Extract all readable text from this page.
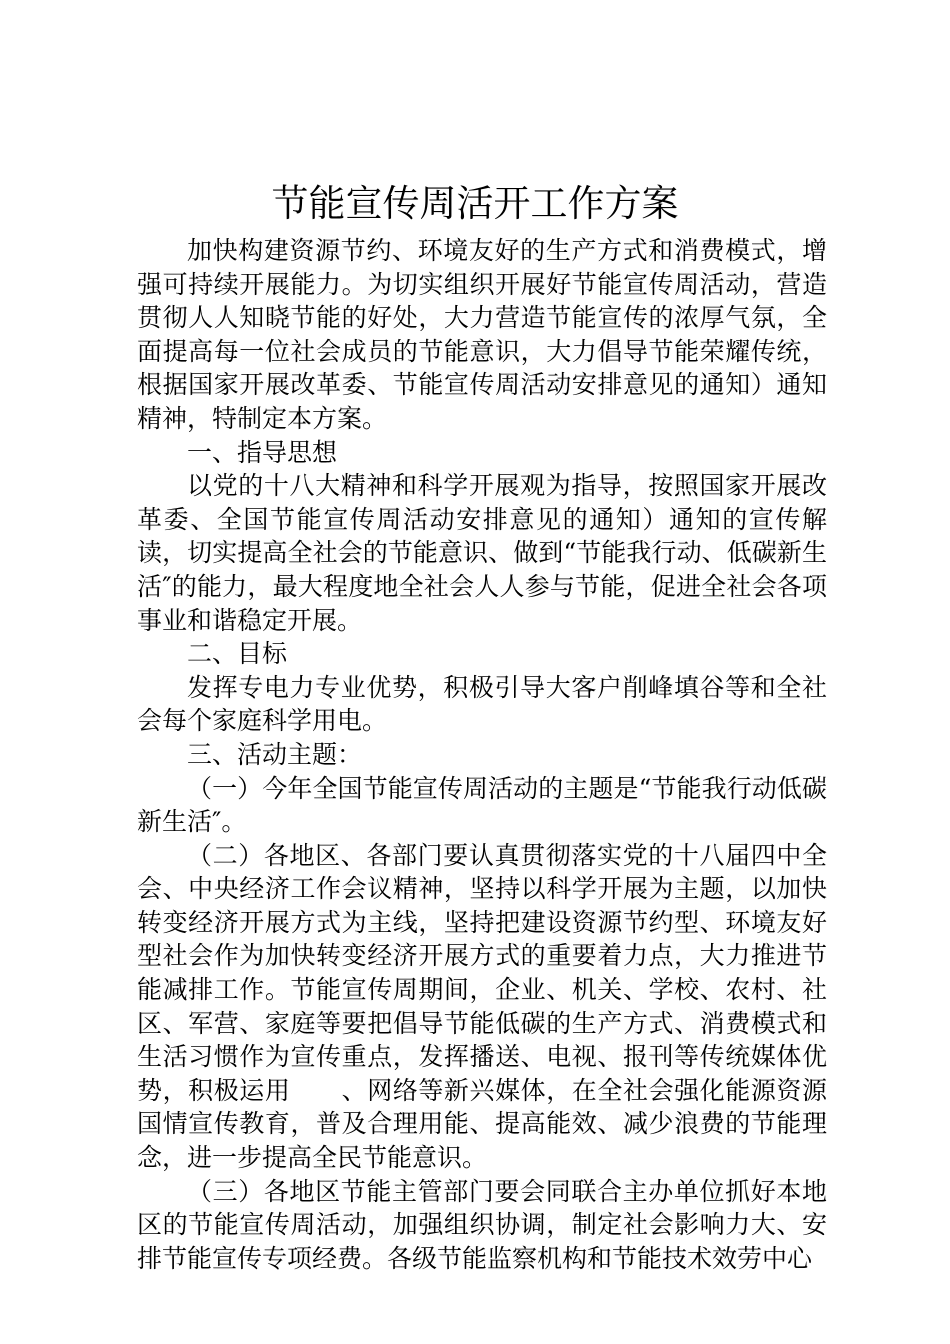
节能宣传周活开工作方案

加快构建资源节约、环境友好的生产方式和消费模式，增强可持续开展能力。为切实组织开展好节能宣传周活动，营造贯彻人人知晓节能的好处，大力营造节能宣传的浓厚气氛，全面提高每一位社会成员的节能意识，大力倡导节能荣耀传统，根据国家开展改革委、节能宣传周活动安排意见的通知）通知精神，特制定本方案。

一、指导思想

以党的十八大精神和科学开展观为指导，按照国家开展改革委、全国节能宣传周活动安排意见的通知）通知的宣传解读，切实提高全社会的节能意识、做到“节能我行动、低碳新生活″的能力，最大程度地全社会人人参与节能，促进全社会各项事业和谐稳定开展。

二、目标

发挥专电力专业优势，积极引导大客户削峰填谷等和全社会每个家庭科学用电。

三、活动主题：

（一）今年全国节能宣传周活动的主题是“节能我行动低碳新生活″。

（二）各地区、各部门要认真贯彻落实党的十八届四中全会、中央经济工作会议精神，坚持以科学开展为主题，以加快转变经济开展方式为主线，坚持把建设资源节约型、环境友好型社会作为加快转变经济开展方式的重要着力点，大力推进节能减排工作。节能宣传周期间，企业、机关、学校、农村、社区、军营、家庭等要把倡导节能低碳的生产方式、消费模式和生活习惯作为宣传重点，发挥播送、电视、报刊等传统媒体优势，积极运用　　、网络等新兴媒体，在全社会强化能源资源国情宣传教育，普及合理用能、提高能效、减少浪费的节能理念，进一步提高全民节能意识。

（三）各地区节能主管部门要会同联合主办单位抓好本地区的节能宣传周活动，加强组织协调，制定社会影响力大、安排节能宣传专项经费。各级节能监察机构和节能技术效劳中心
